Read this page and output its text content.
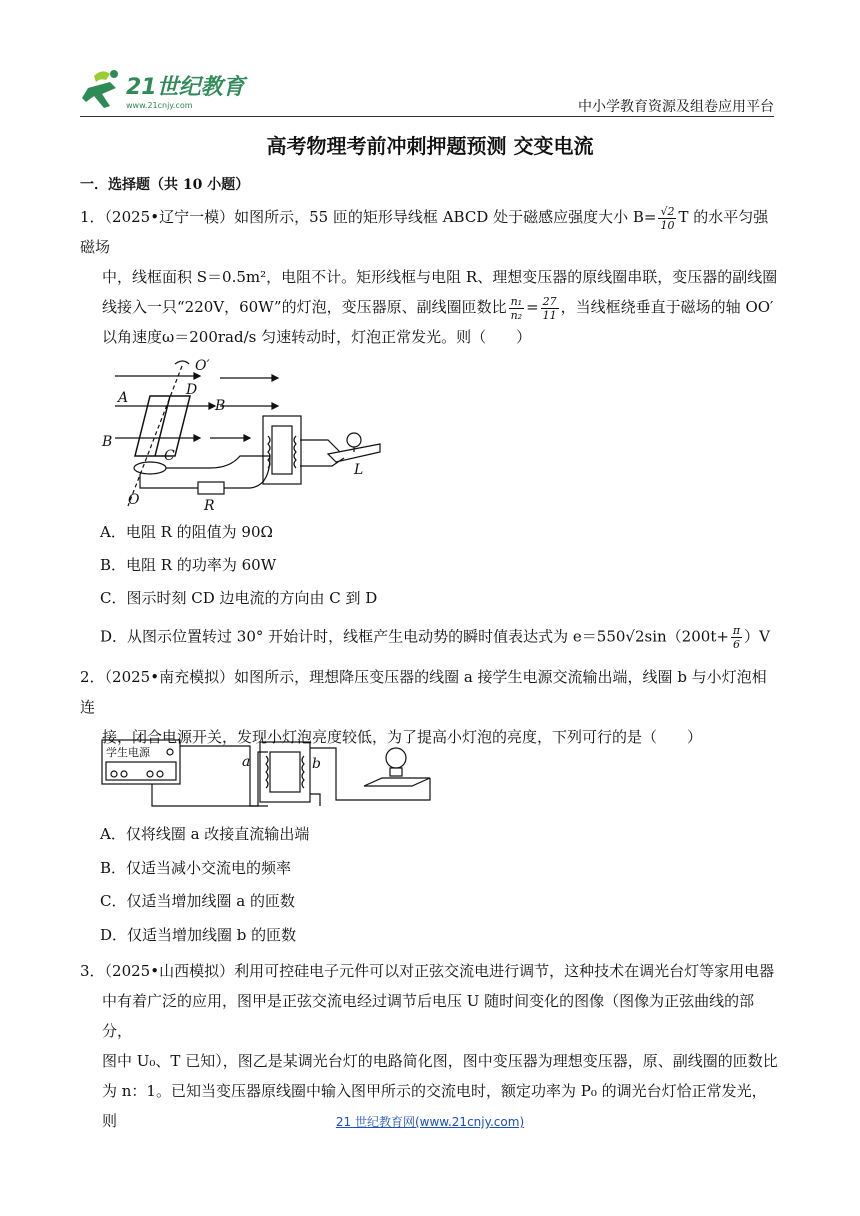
21世纪教育
www.21cnjy.com	中小学教育资源及组卷应用平台
高考物理考前冲刺押题预测 交变电流
一．选择题（共 10 小题）

1．（2025•辽宁一模）如图所示，55 匝的矩形导线框 ABCD 处于磁感应强度大小 $B= \frac{√2}{10}$ T 的水平匀强磁场

中，线框面积 S＝0.5m²，电阻不计。矩形线框与电阻 R、理想变压器的原线圈串联，变压器的副线圈

线接入一只“220V，60W”的灯泡，变压器原、副线圈匝数比 $\frac{\text{n₁}}{\text{n₂}} = \frac{27}{11}$ ，当线框绕垂直于磁场的轴 OO′

以角速度ω＝200rad/s 匀速转动时，灯泡正常发光。则（　　）

O′
A	D
B
B
C
O	R
L
A．电阻 R 的阻值为 90Ω
B．电阻 R 的功率为 60W
C．图示时刻 CD 边电流的方向由 C 到 D
D．从图示位置转过 30° 开始计时，线框产生电动势的瞬时值表达式为 $e=550√2\sin(200t+ \frac{\pi}{6} )V$

2．（2025•南充模拟）如图所示，理想降压变压器的线圈 a 接学生电源交流输出端，线圈 b 与小灯泡相连

接，闭合电源开关，发现小灯泡亮度较低，为了提高小灯泡的亮度，下列可行的是（　　）

学生电源
a	b
A．仅将线圈 a 改接直流输出端
B．仅适当减小交流电的频率
C．仅适当增加线圈 a 的匝数
D．仅适当增加线圈 b 的匝数

3．（2025•山西模拟）利用可控硅电子元件可以对正弦交流电进行调节，这种技术在调光台灯等家用电器

中有着广泛的应用，图甲是正弦交流电经过调节后电压 U 随时间变化的图像（图像为正弦曲线的部分，

图中 U₀、T 已知），图乙是某调光台灯的电路简化图，图中变压器为理想变压器，原、副线圈的匝数比

为 n：1。已知当变压器原线圈中输入图甲所示的交流电时，额定功率为 P₀ 的调光台灯恰正常发光，则	21 世纪教育网(www.21cnjy.com)
